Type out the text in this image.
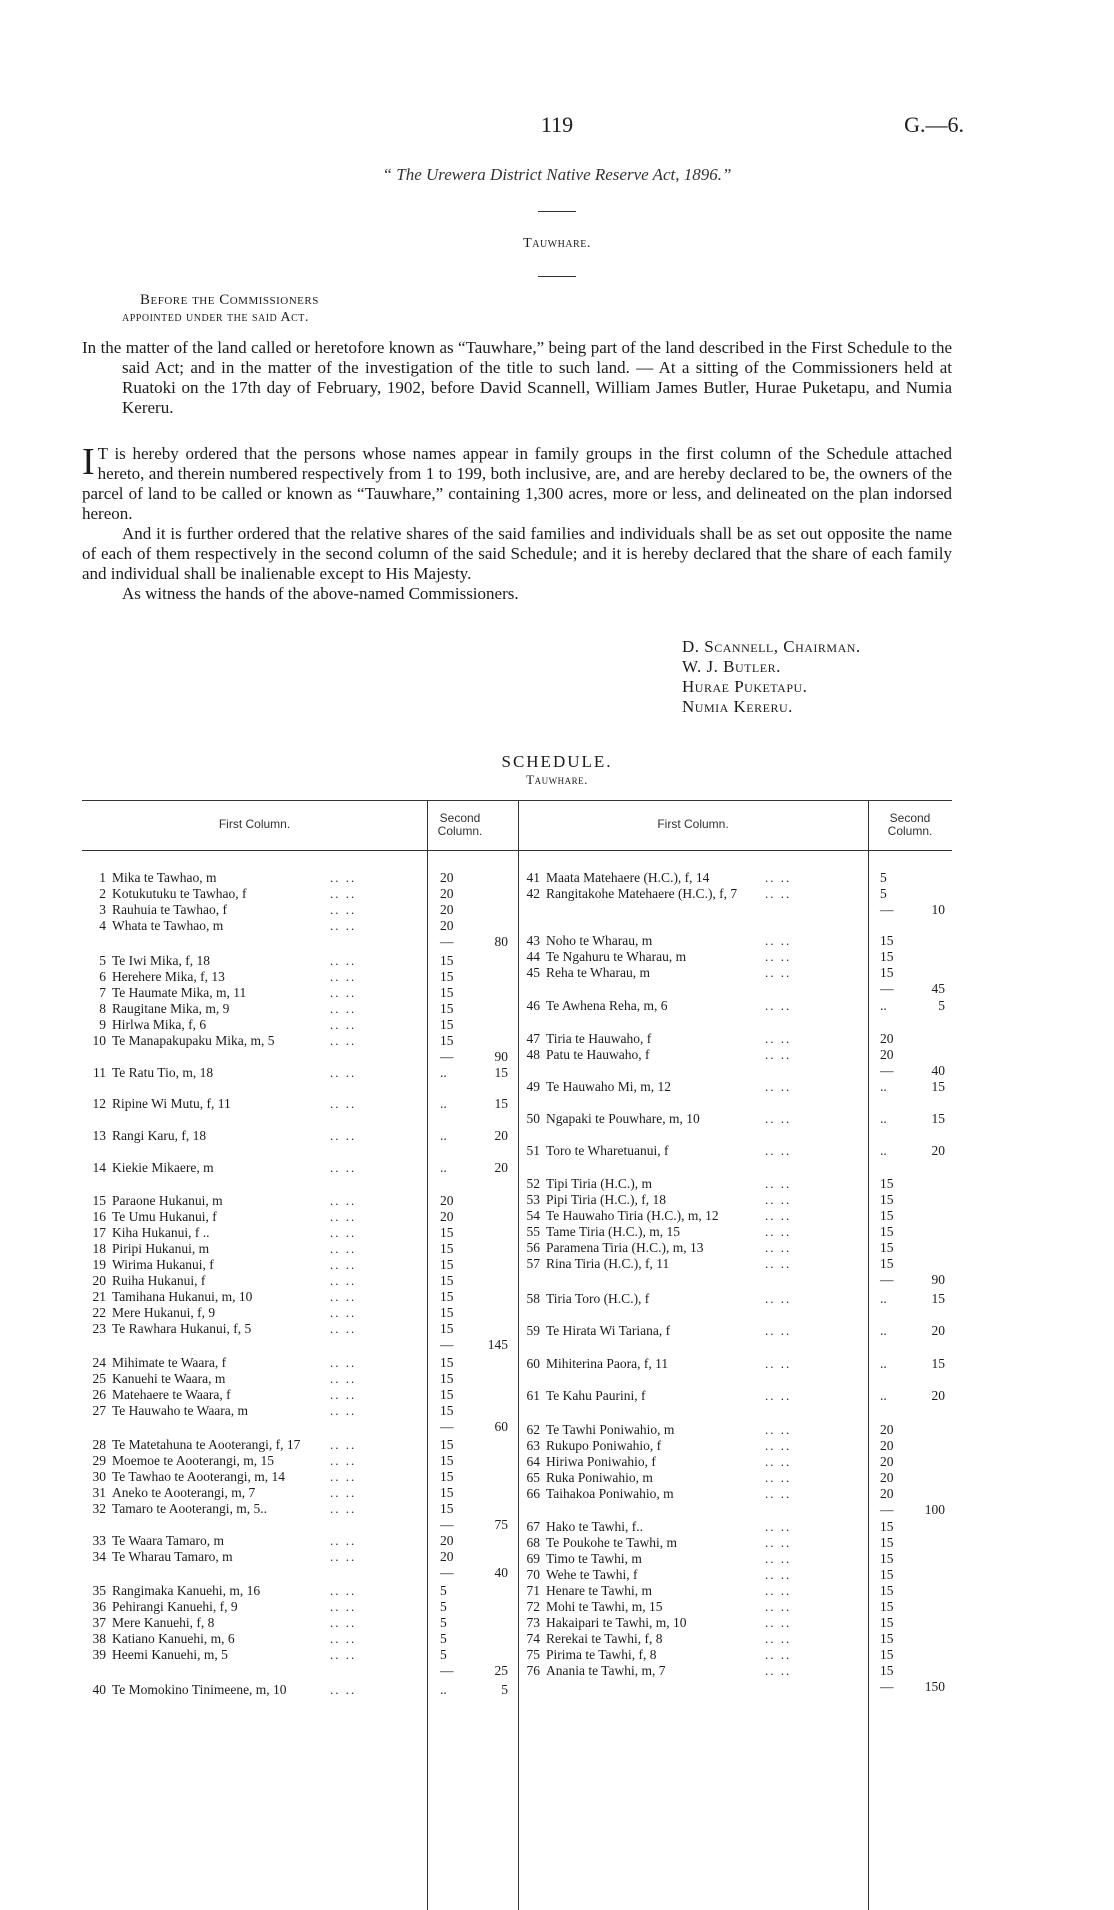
119	G.—6.
“ The Urewera District Native Reserve Act, 1896.”
Tauwhare.
Before the Commissioners
appointed under the said Act.

In the matter of the land called or heretofore known as “Tauwhare,” being part of the land described in the First Schedule to the said Act; and in the matter of the investigation of the title to such land. — At a sitting of the Commissioners held at Ruatoki on the 17th day of February, 1902, before David Scannell, William James Butler, Hurae Puketapu, and Numia Kereru.

I T is hereby ordered that the persons whose names appear in family groups in the first column of the Schedule attached hereto, and therein numbered respectively from 1 to 199, both inclusive, are, and are hereby declared to be, the owners of the parcel of land to be called or known as “Tauwhare,” containing 1,300 acres, more or less, and delineated on the plan indorsed hereon.

And it is further ordered that the relative shares of the said families and individuals shall be as set out opposite the name of each of them respectively in the second column of the said Schedule; and it is hereby declared that the share of each family and individual shall be inalienable except to His Majesty.

As witness the hands of the above-named Commissioners.

D. Scannell, Chairman.
W. J. Butler.
Hurae Puketapu.
Numia Kereru.
SCHEDULE.
Tauwhare.
First Column.	Second Column.	First Column.	Second Column.
1 Mika te Tawhao, m	.. ..	20
2 Kotukutuku te Tawhao, f	.. ..	20
3 Rauhuia te Tawhao, f	.. ..	20
4 Whata te Tawhao, m	.. ..	20
—	80
5 Te Iwi Mika, f, 18	.. ..	15
6 Herehere Mika, f, 13	.. ..	15
7 Te Haumate Mika, m, 11	.. ..	15
8 Raugitane Mika, m, 9	.. ..	15
9 Hirlwa Mika, f, 6	.. ..	15
10 Te Manapakupaku Mika, m, 5	.. ..	15
—	90
11 Te Ratu Tio, m, 18	.. ..	..	15
12 Ripine Wi Mutu, f, 11	.. ..	..	15
13 Rangi Karu, f, 18	.. ..	..	20
14 Kiekie Mikaere, m	.. ..	..	20
15 Paraone Hukanui, m	.. ..	20
16 Te Umu Hukanui, f	.. ..	20
17 Kiha Hukanui, f ..	.. ..	15
18 Piripi Hukanui, m	.. ..	15
19 Wirima Hukanui, f	.. ..	15
20 Ruiha Hukanui, f	.. ..	15
21 Tamihana Hukanui, m, 10	.. ..	15
22 Mere Hukanui, f, 9	.. ..	15
23 Te Rawhara Hukanui, f, 5	.. ..	15
—	145
24 Mihimate te Waara, f	.. ..	15
25 Kanuehi te Waara, m	.. ..	15
26 Matehaere te Waara, f	.. ..	15
27 Te Hauwaho te Waara, m	.. ..	15
—	60
28 Te Matetahuna te Aooterangi, f, 17 .. ..	15
29 Moemoe te Aooterangi, m, 15	.. ..	15
30 Te Tawhao te Aooterangi, m, 14	.. ..	15
31 Aneko te Aooterangi, m, 7	.. ..	15
32 Tamaro te Aooterangi, m, 5..	.. ..	15
—	75
33 Te Waara Tamaro, m	.. ..	20
34 Te Wharau Tamaro, m	.. ..	20
—	40
35 Rangimaka Kanuehi, m, 16	.. ..	5
36 Pehirangi Kanuehi, f, 9	.. ..	5
37 Mere Kanuehi, f, 8	.. ..	5
38 Katiano Kanuehi, m, 6	.. ..	5
39 Heemi Kanuehi, m, 5	.. ..	5
—	25
40 Te Momokino Tinimeene, m, 10	.. ..	..	5
41 Maata Matehaere (H.C.), f, 14	.. ..	5
42 Rangitakohe Matehaere (H.C.), f, 7 .. ..	5
—	10
43 Noho te Wharau, m	.. ..	15
44 Te Ngahuru te Wharau, m	.. ..	15
45 Reha te Wharau, m	.. ..	15
—	45
46 Te Awhena Reha, m, 6	.. ..	..	5
47 Tiria te Hauwaho, f	.. ..	20
48 Patu te Hauwaho, f	.. ..	20
—	40
49 Te Hauwaho Mi, m, 12	.. ..	..	15
50 Ngapaki te Pouwhare, m, 10	.. ..	..	15
51 Toro te Wharetuanui, f	.. ..	..	20
52 Tipi Tiria (H.C.), m	.. ..	15
53 Pipi Tiria (H.C.), f, 18	.. ..	15
54 Te Hauwaho Tiria (H.C.), m, 12	.. ..	15
55 Tame Tiria (H.C.), m, 15	.. ..	15
56 Paramena Tiria (H.C.), m, 13	.. ..	15
57 Rina Tiria (H.C.), f, 11	.. ..	15
—	90
58 Tiria Toro (H.C.), f	.. ..	..	15
59 Te Hirata Wi Tariana, f	.. ..	..	20
60 Mihiterina Paora, f, 11	.. ..	..	15
61 Te Kahu Paurini, f	.. ..	..	20
62 Te Tawhi Poniwahio, m	.. ..	20
63 Rukupo Poniwahio, f	.. ..	20
64 Hiriwa Poniwahio, f	.. ..	20
65 Ruka Poniwahio, m	.. ..	20
66 Taihakoa Poniwahio, m	.. ..	20
—	100
67 Hako te Tawhi, f..	.. ..	15
68 Te Poukohe te Tawhi, m	.. ..	15
69 Timo te Tawhi, m	.. ..	15
70 Wehe te Tawhi, f	.. ..	15
71 Henare te Tawhi, m	.. ..	15
72 Mohi te Tawhi, m, 15	.. ..	15
73 Hakaipari te Tawhi, m, 10	.. ..	15
74 Rerekai te Tawhi, f, 8	.. ..	15
75 Pirima te Tawhi, f, 8	.. ..	15
76 Anania te Tawhi, m, 7	.. ..	15
—	150
